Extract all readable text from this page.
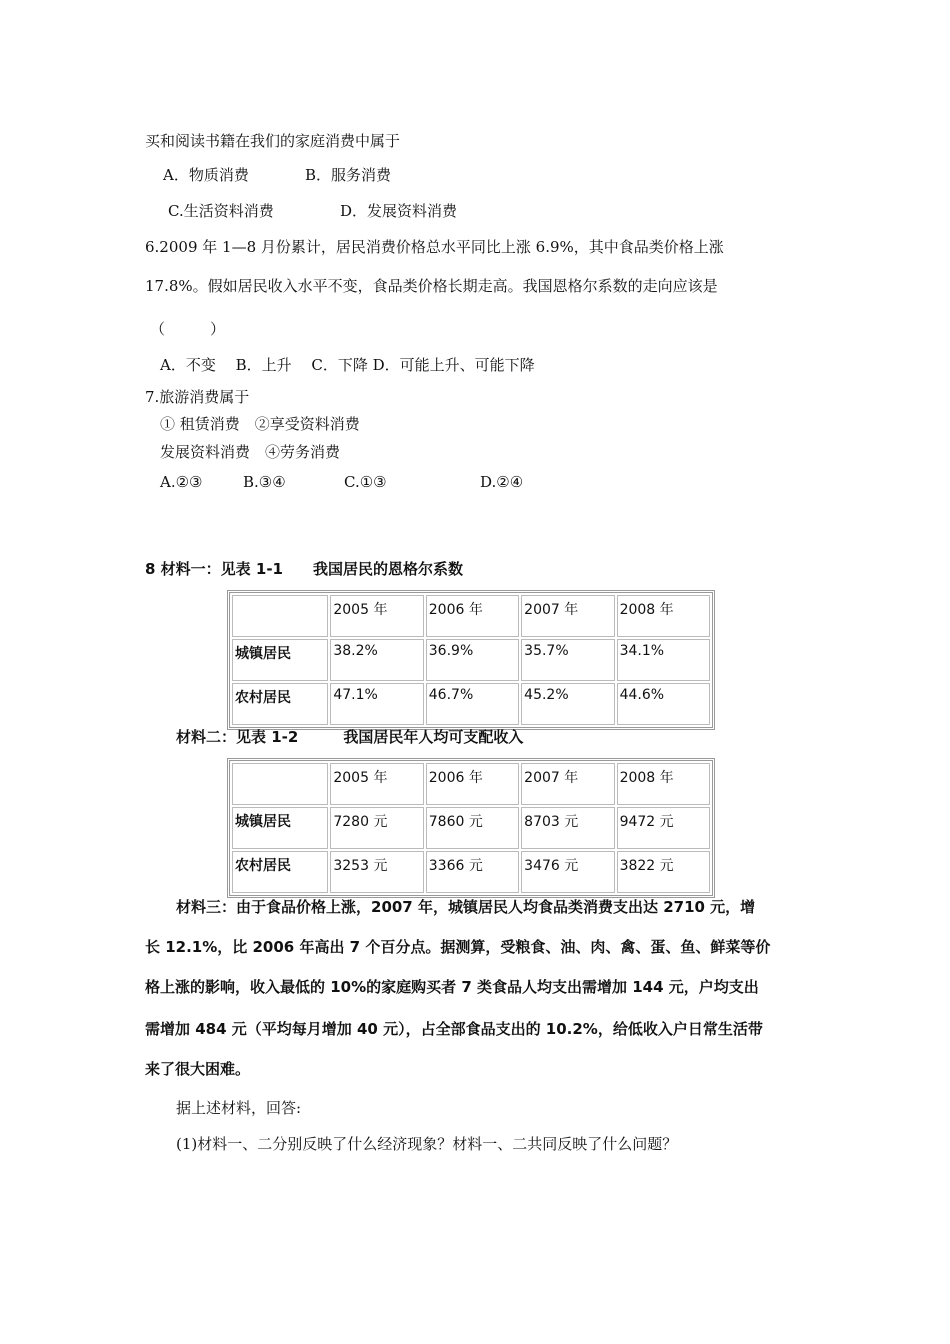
买和阅读书籍在我们的家庭消费中属于
A．物质消费	B．服务消费
C.生活资料消费	D．发展资料消费
6.2009 年 1—8 月份累计，居民消费价格总水平同比上涨 6.9%，其中食品类价格上涨
17.8%。假如居民收入水平不变，食品类价格长期走高。我国恩格尔系数的走向应该是
（　　　）
A．不变　 B．上升　 C．下降 D．可能上升、可能下降
7.旅游消费属于
① 租赁消费　②享受资料消费
发展资料消费　④劳务消费
A.②③	B.③④	C.①③	D.②④
8 材料一：见表 1-1　　我国居民的恩格尔系数
	2005 年	2006 年	2007 年	2008 年
城镇居民	38.2%	36.9%	35.7%	34.1%
农村居民	47.1%	46.7%	45.2%	44.6%
材料二：见表 1-2　　　我国居民年人均可支配收入
	2005 年	2006 年	2007 年	2008 年
城镇居民	7280 元	7860 元	8703 元	9472 元
农村居民	3253 元	3366 元	3476 元	3822 元
材料三：由于食品价格上涨，2007 年，城镇居民人均食品类消费支出达 2710 元，增
长 12.1%，比 2006 年高出 7 个百分点。据测算，受粮食、油、肉、禽、蛋、鱼、鲜菜等价
格上涨的影响，收入最低的 10%的家庭购买者 7 类食品人均支出需增加 144 元，户均支出
需增加 484 元（平均每月增加 40 元），占全部食品支出的 10.2%，给低收入户日常生活带
来了很大困难。
据上述材料，回答:
(1)材料一、二分别反映了什么经济现象？材料一、二共同反映了什么问题？
